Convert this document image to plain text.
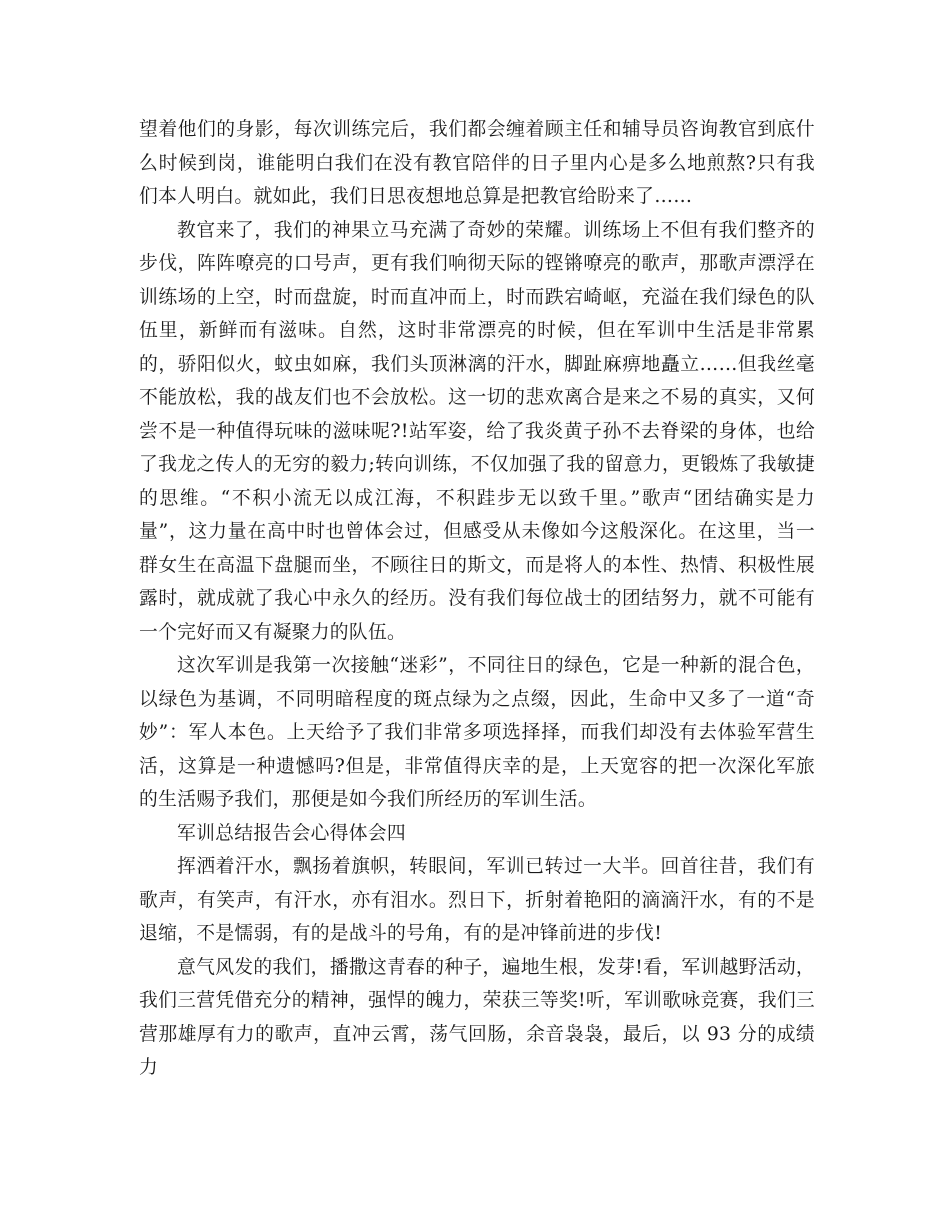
望着他们的身影，每次训练完后，我们都会缠着顾主任和辅导员咨询教官到底什么时候到岗，谁能明白我们在没有教官陪伴的日子里内心是多么地煎熬?只有我们本人明白。就如此，我们日思夜想地总算是把教官给盼来了……

教官来了，我们的神果立马充满了奇妙的荣耀。训练场上不但有我们整齐的步伐，阵阵嘹亮的口号声，更有我们响彻天际的铿锵嘹亮的歌声，那歌声漂浮在训练场的上空，时而盘旋，时而直冲而上，时而跌宕崎岖，充溢在我们绿色的队伍里，新鲜而有滋味。自然，这时非常漂亮的时候，但在军训中生活是非常累的，骄阳似火，蚊虫如麻，我们头顶淋漓的汗水，脚趾麻痹地矗立……但我丝毫不能放松，我的战友们也不会放松。这一切的悲欢离合是来之不易的真实，又何尝不是一种值得玩味的滋味呢?!站军姿，给了我炎黄子孙不去脊梁的身体，也给了我龙之传人的无穷的毅力;转向训练，不仅加强了我的留意力，更锻炼了我敏捷的思维。“不积小流无以成江海，不积跬步无以致千里。”歌声“团结确实是力量”，这力量在高中时也曾体会过，但感受从未像如今这般深化。在这里，当一群女生在高温下盘腿而坐，不顾往日的斯文，而是将人的本性、热情、积极性展露时，就成就了我心中永久的经历。没有我们每位战士的团结努力，就不可能有一个完好而又有凝聚力的队伍。

这次军训是我第一次接触“迷彩”，不同往日的绿色，它是一种新的混合色，以绿色为基调，不同明暗程度的斑点绿为之点缀，因此，生命中又多了一道“奇妙”：军人本色。上天给予了我们非常多项选择择，而我们却没有去体验军营生活，这算是一种遗憾吗?但是，非常值得庆幸的是，上天宽容的把一次深化军旅的生活赐予我们，那便是如今我们所经历的军训生活。

军训总结报告会心得体会四

挥洒着汗水，飘扬着旗帜，转眼间，军训已转过一大半。回首往昔，我们有歌声，有笑声，有汗水，亦有泪水。烈日下，折射着艳阳的滴滴汗水，有的不是退缩，不是懦弱，有的是战斗的号角，有的是冲锋前进的步伐!

意气风发的我们，播撒这青春的种子，遍地生根，发芽!看，军训越野活动，我们三营凭借充分的精神，强悍的魄力，荣获三等奖!听，军训歌咏竞赛，我们三营那雄厚有力的歌声，直冲云霄，荡气回肠，余音袅袅，最后，以 93 分的成绩力
